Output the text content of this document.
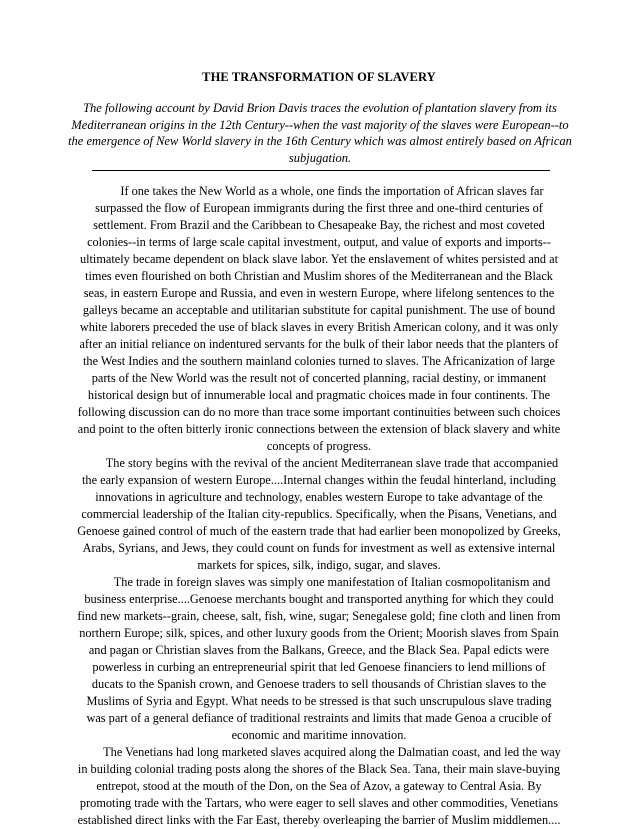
THE TRANSFORMATION OF SLAVERY
The following account by David Brion Davis traces the evolution of plantation slavery from its Mediterranean origins in the 12th Century--when the vast majority of the slaves were European--to the emergence of New World slavery in the 16th Century which was almost entirely based on African subjugation.

If one takes the New World as a whole, one finds the importation of African slaves far surpassed the flow of European immigrants during the first three and one-third centuries of settlement. From Brazil and the Caribbean to Chesapeake Bay, the richest and most coveted colonies--in terms of large scale capital investment, output, and value of exports and imports--ultimately became dependent on black slave labor. Yet the enslavement of whites persisted and at times even flourished on both Christian and Muslim shores of the Mediterranean and the Black seas, in eastern Europe and Russia, and even in western Europe, where lifelong sentences to the galleys became an acceptable and utilitarian substitute for capital punishment. The use of bound white laborers preceded the use of black slaves in every British American colony, and it was only after an initial reliance on indentured servants for the bulk of their labor needs that the planters of the West Indies and the southern mainland colonies turned to slaves. The Africanization of large parts of the New World was the result not of concerted planning, racial destiny, or immanent historical design but of innumerable local and pragmatic choices made in four continents. The following discussion can do no more than trace some important continuities between such choices and point to the often bitterly ironic connections between the extension of black slavery and white concepts of progress.

The story begins with the revival of the ancient Mediterranean slave trade that accompanied the early expansion of western Europe....Internal changes within the feudal hinterland, including innovations in agriculture and technology, enables western Europe to take advantage of the commercial leadership of the Italian city-republics. Specifically, when the Pisans, Venetians, and Genoese gained control of much of the eastern trade that had earlier been monopolized by Greeks, Arabs, Syrians, and Jews, they could count on funds for investment as well as extensive internal markets for spices, silk, indigo, sugar, and slaves.

The trade in foreign slaves was simply one manifestation of Italian cosmopolitanism and business enterprise....Genoese merchants bought and transported anything for which they could find new markets--grain, cheese, salt, fish, wine, sugar; Senegalese gold; fine cloth and linen from northern Europe; silk, spices, and other luxury goods from the Orient; Moorish slaves from Spain and pagan or Christian slaves from the Balkans, Greece, and the Black Sea. Papal edicts were powerless in curbing an entrepreneurial spirit that led Genoese financiers to lend millions of ducats to the Spanish crown, and Genoese traders to sell thousands of Christian slaves to the Muslims of Syria and Egypt. What needs to be stressed is that such unscrupulous slave trading was part of a general defiance of traditional restraints and limits that made Genoa a crucible of economic and maritime innovation.

The Venetians had long marketed slaves acquired along the Dalmatian coast, and led the way in building colonial trading posts along the shores of the Black Sea. Tana, their main slave-buying entrepot, stood at the mouth of the Don, on the Sea of Azov, a gateway to Central Asia. By promoting trade with the Tartars, who were eager to sell slaves and other commodities, Venetians established direct links with the Far East, thereby overleaping the barrier of Muslim middlemen....
